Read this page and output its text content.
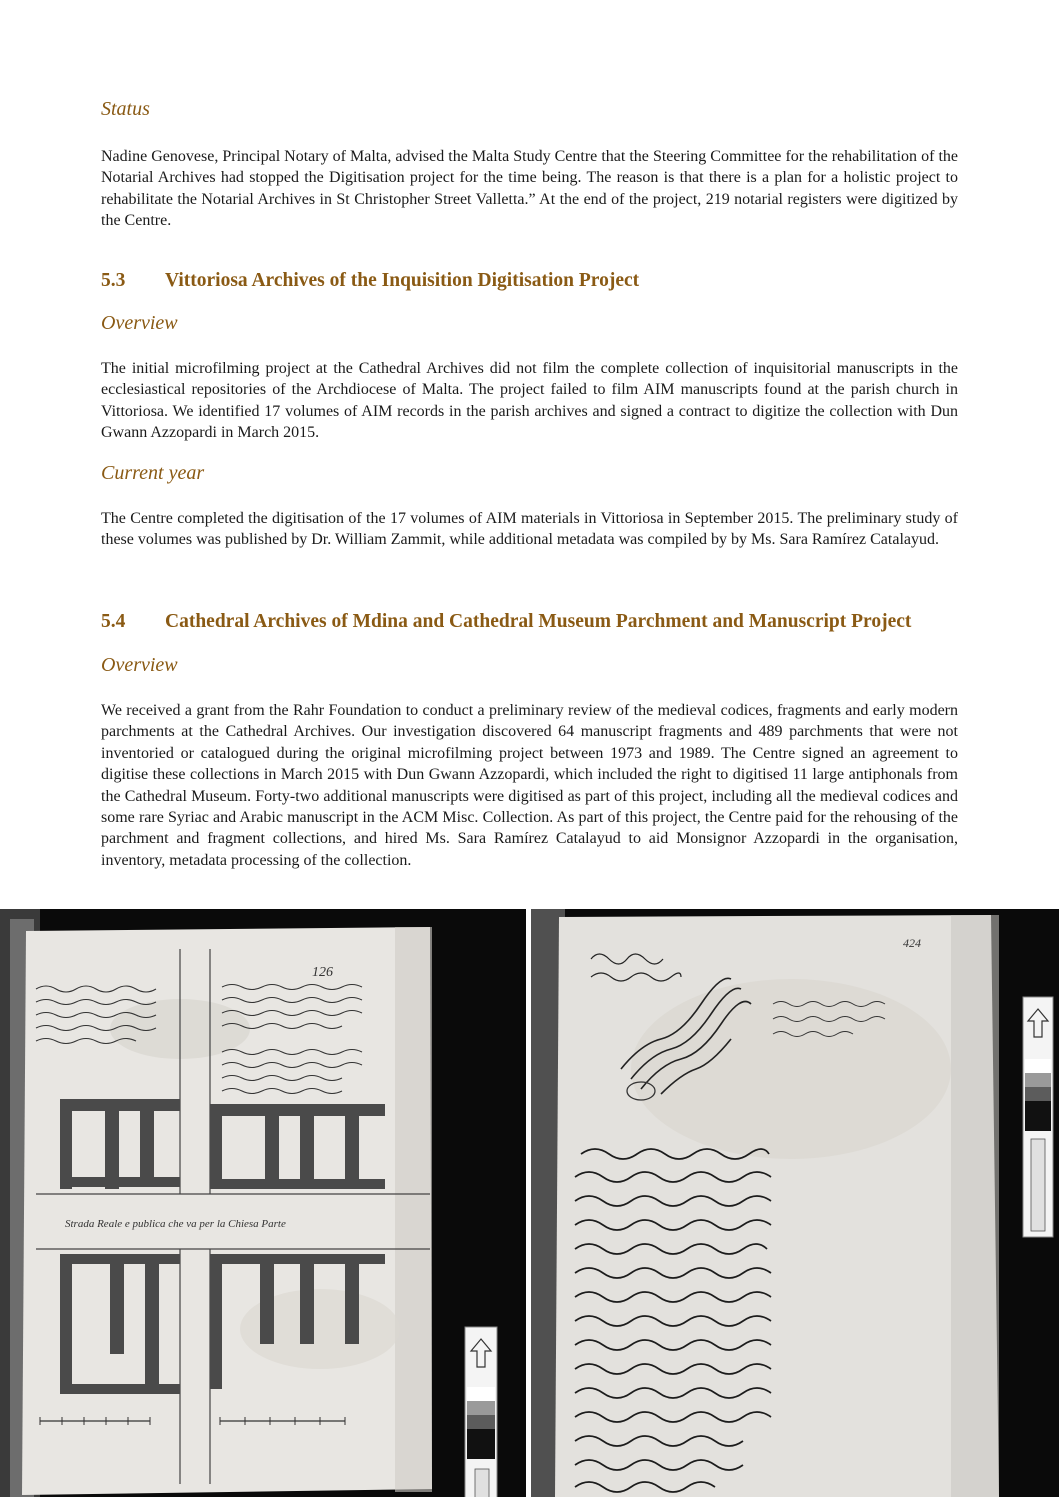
Status

Nadine Genovese, Principal Notary of Malta, advised the Malta Study Centre that the Steering Committee for the rehabilitation of the Notarial Archives had stopped the Digitisation project for the time being. The reason is that there is a plan for a holistic project to rehabilitate the Notarial Archives in St Christopher Street Valletta.” At the end of the project, 219 notarial registers were digitized by the Centre.

5.3 Vittoriosa Archives of the Inquisition Digitisation Project
Overview

The initial microfilming project at the Cathedral Archives did not film the complete collection of inquisitorial manuscripts in the ecclesiastical repositories of the Archdiocese of Malta. The project failed to film AIM manuscripts found at the parish church in Vittoriosa. We identified 17 volumes of AIM records in the parish archives and signed a contract to digitize the collection with Dun Gwann Azzopardi in March 2015.

Current year

The Centre completed the digitisation of the 17 volumes of AIM materials in Vittoriosa in September 2015. The preliminary study of these volumes was published by Dr. William Zammit, while additional metadata was compiled by by Ms. Sara Ramírez Catalayud.

5.4 Cathedral Archives of Mdina and Cathedral Museum Parchment and Manuscript Project
Overview

We received a grant from the Rahr Foundation to conduct a preliminary review of the medieval codices, fragments and early modern parchments at the Cathedral Archives. Our investigation discovered 64 manuscript fragments and 489 parchments that were not inventoried or catalogued during the original microfilming project between 1973 and 1989. The Centre signed an agreement to digitise these collections in March 2015 with Dun Gwann Azzopardi, which included the right to digitised 11 large antiphonals from the Cathedral Museum. Forty-two additional manuscripts were digitised as part of this project, including all the medieval codices and some rare Syriac and Arabic manuscript in the ACM Misc. Collection. As part of this project, the Centre paid for the rehousing of the parchment and fragment collections, and hired Ms. Sara Ramírez Catalayud to aid Monsignor Azzopardi in the organisation, inventory, metadata processing of the collection.

126
Strada Reale e publica che va per la Chiesa Parte
424
